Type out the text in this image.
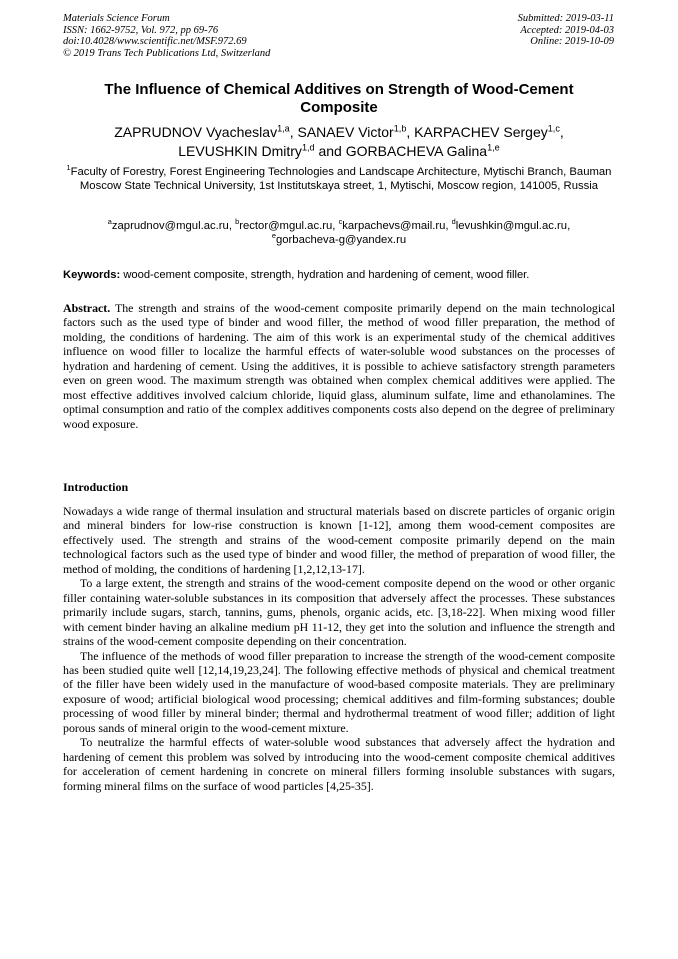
Materials Science Forum
ISSN: 1662-9752, Vol. 972, pp 69-76
doi:10.4028/www.scientific.net/MSF.972.69
© 2019 Trans Tech Publications Ltd, Switzerland
Submitted: 2019-03-11
Accepted: 2019-04-03
Online: 2019-10-09
The Influence of Chemical Additives on Strength of Wood-Cement Composite
ZAPRUDNOV Vyacheslav$^{1,a}$, SANAEV Victor$^{1,b}$, KARPACHEV Sergey$^{1,c}$,
LEVUSHKIN Dmitry$^{1,d}$ and GORBACHEVA Galina$^{1,e}$
$^1$Faculty of Forestry, Forest Engineering Technologies and Landscape Architecture, Mytischi Branch, Bauman Moscow State Technical University, 1st Institutskaya street, 1, Mytischi, Moscow region, 141005, Russia
$^a$zaprudnov@mgul.ac.ru, $^b$rector@mgul.ac.ru, $^c$karpachevs@mail.ru, $^d$levushkin@mgul.ac.ru,
$^e$gorbacheva-g@yandex.ru
Keywords: wood-cement composite, strength, hydration and hardening of cement, wood filler.
Abstract. The strength and strains of the wood-cement composite primarily depend on the main technological factors such as the used type of binder and wood filler, the method of wood filler preparation, the method of molding, the conditions of hardening. The aim of this work is an experimental study of the chemical additives influence on wood filler to localize the harmful effects of water-soluble wood substances on the processes of hydration and hardening of cement. Using the additives, it is possible to achieve satisfactory strength parameters even on green wood. The maximum strength was obtained when complex chemical additives were applied. The most effective additives involved calcium chloride, liquid glass, aluminum sulfate, lime and ethanolamines. The optimal consumption and ratio of the complex additives components costs also depend on the degree of preliminary wood exposure.
Introduction

Nowadays a wide range of thermal insulation and structural materials based on discrete particles of organic origin and mineral binders for low-rise construction is known [1-12], among them wood-cement composites are effectively used. The strength and strains of the wood-cement composite primarily depend on the main technological factors such as the used type of binder and wood filler, the method of preparation of wood filler, the method of molding, the conditions of hardening [1,2,12,13-17].

To a large extent, the strength and strains of the wood-cement composite depend on the wood or other organic filler containing water-soluble substances in its composition that adversely affect the processes. These substances primarily include sugars, starch, tannins, gums, phenols, organic acids, etc. [3,18-22]. When mixing wood filler with cement binder having an alkaline medium pH 11-12, they get into the solution and influence the strength and strains of the wood-cement composite depending on their concentration.

The influence of the methods of wood filler preparation to increase the strength of the wood-cement composite has been studied quite well [12,14,19,23,24]. The following effective methods of physical and chemical treatment of the filler have been widely used in the manufacture of wood-based composite materials. They are preliminary exposure of wood; artificial biological wood processing; chemical additives and film-forming substances; double processing of wood filler by mineral binder; thermal and hydrothermal treatment of wood filler; addition of light porous sands of mineral origin to the wood-cement mixture.

To neutralize the harmful effects of water-soluble wood substances that adversely affect the hydration and hardening of cement this problem was solved by introducing into the wood-cement composite chemical additives for acceleration of cement hardening in concrete on mineral fillers forming insoluble substances with sugars, forming mineral films on the surface of wood particles [4,25-35].
